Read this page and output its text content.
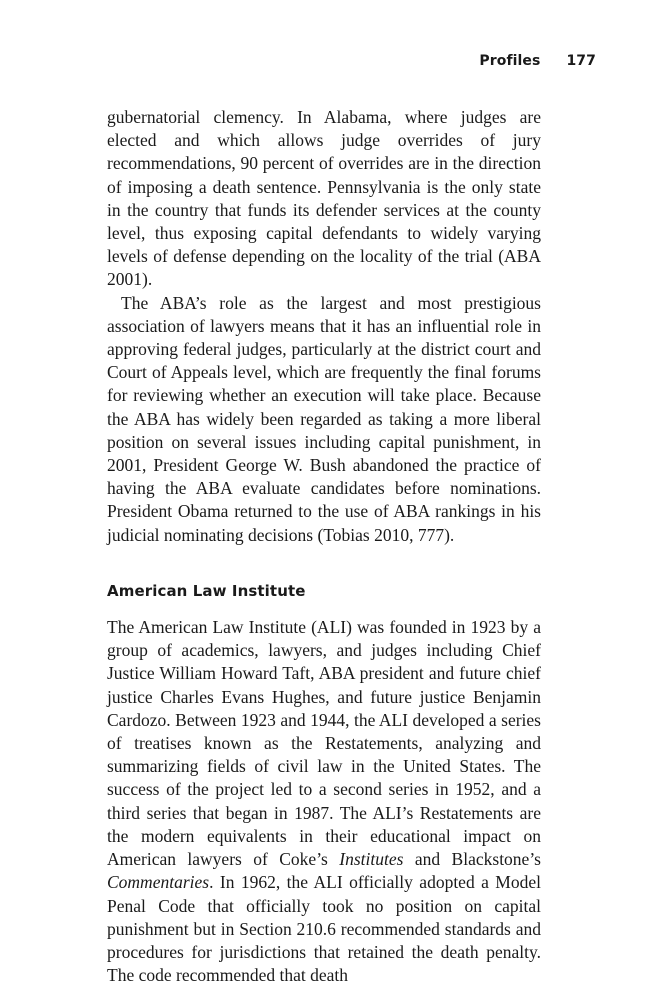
Profiles 177

gubernatorial clemency. In Alabama, where judges are elected and which allows judge overrides of jury recommendations, 90 percent of overrides are in the direction of imposing a death sentence. Pennsylvania is the only state in the country that funds its defender services at the county level, thus exposing capital defendants to widely varying levels of defense depending on the locality of the trial (ABA 2001).

The ABA’s role as the largest and most prestigious association of lawyers means that it has an influential role in approving federal judges, particularly at the district court and Court of Appeals level, which are frequently the final forums for reviewing whether an execution will take place. Because the ABA has widely been regarded as taking a more liberal position on several issues including capital punishment, in 2001, President George W. Bush abandoned the practice of having the ABA evaluate candidates before nominations. President Obama returned to the use of ABA rankings in his judicial nominating decisions (Tobias 2010, 777).

American Law Institute

The American Law Institute (ALI) was founded in 1923 by a group of academics, lawyers, and judges including Chief Justice William Howard Taft, ABA president and future chief justice Charles Evans Hughes, and future justice Benjamin Cardozo. Between 1923 and 1944, the ALI developed a series of treatises known as the Restatements, analyzing and summarizing fields of civil law in the United States. The success of the project led to a second series in 1952, and a third series that began in 1987. The ALI’s Restatements are the modern equivalents in their educational impact on American lawyers of Coke’s Institutes and Blackstone’s Commentaries. In 1962, the ALI officially adopted a Model Penal Code that officially took no position on capital punishment but in Section 210.6 recommended standards and procedures for jurisdictions that retained the death penalty. The code recommended that death
